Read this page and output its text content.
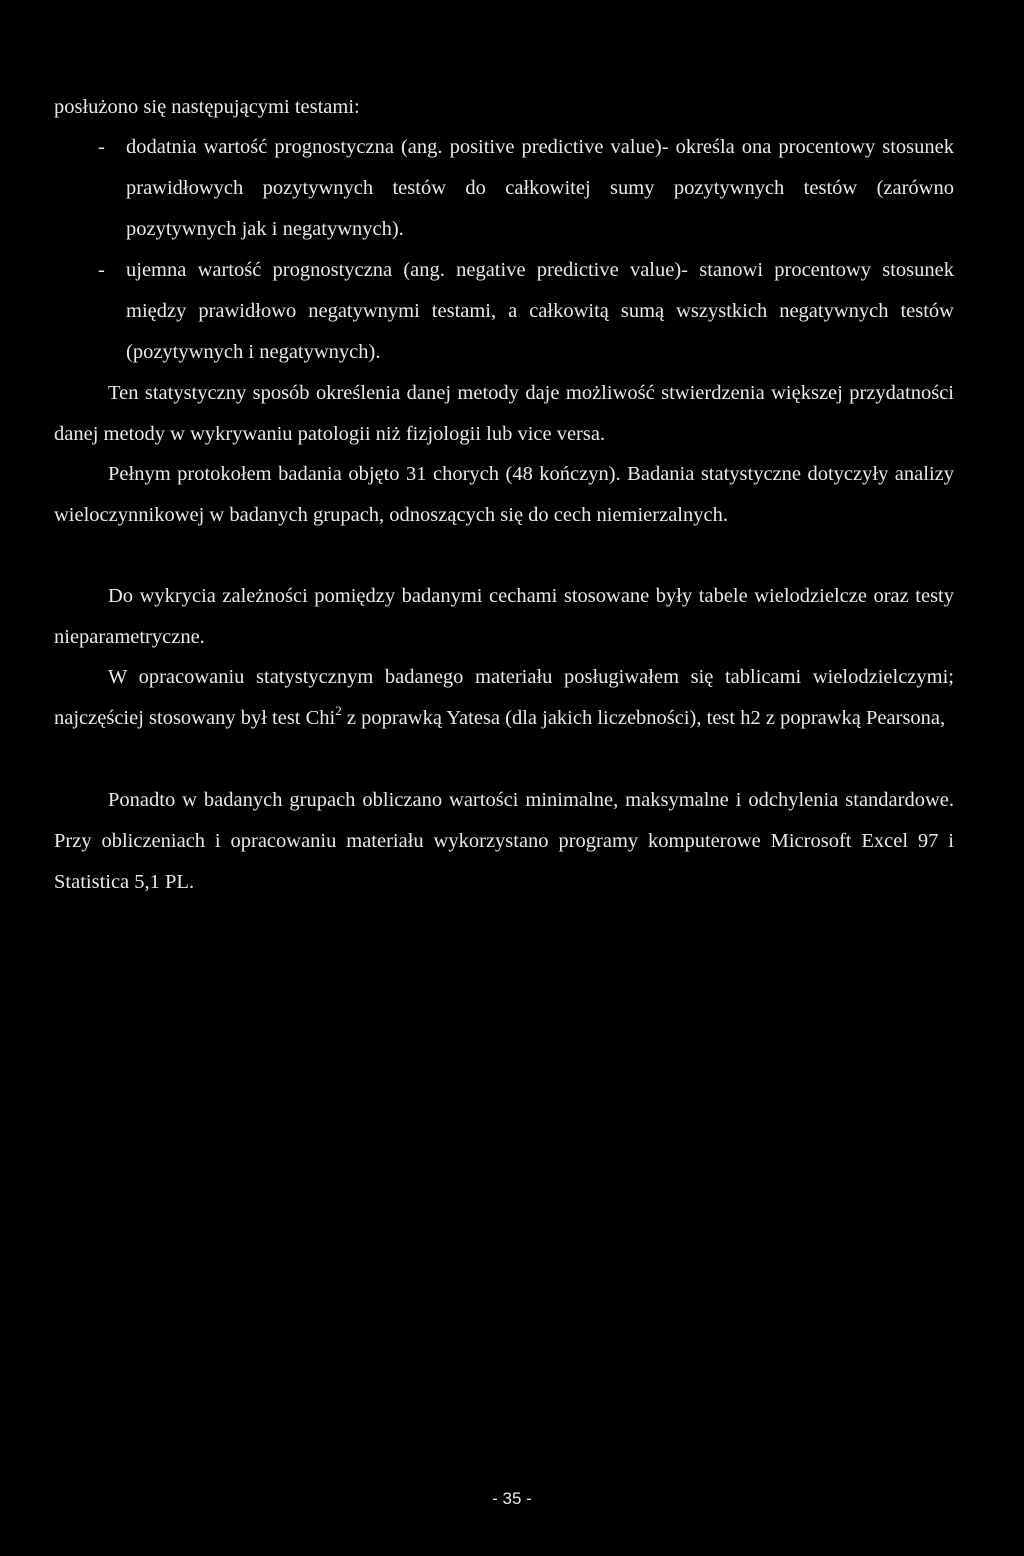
posłużono się następującymi testami:
- dodatnia wartość prognostyczna (ang. positive predictive value)- określa ona procentowy stosunek prawidłowych pozytywnych testów do całkowitej sumy pozytywnych testów (zarówno pozytywnych jak i negatywnych).
- ujemna wartość prognostyczna (ang. negative predictive value)- stanowi procentowy stosunek między prawidłowo negatywnymi testami, a całkowitą sumą wszystkich negatywnych testów (pozytywnych i negatywnych).

Ten statystyczny sposób określenia danej metody daje możliwość stwierdzenia większej przydatności danej metody w wykrywaniu patologii niż fizjologii lub vice versa.

Pełnym protokołem badania objęto 31 chorych (48 kończyn). Badania statystyczne dotyczyły analizy wieloczynnikowej w badanych grupach, odnoszących się do cech niemierzalnych.

Do wykrycia zależności pomiędzy badanymi cechami stosowane były tabele wielodzielcze oraz testy nieparametryczne.

W opracowaniu statystycznym badanego materiału posługiwałem się tablicami wielodzielczymi; najczęściej stosowany był test Chi$^2$ z poprawką Yatesa (dla jakich liczebności), test h2 z poprawką Pearsona,

Ponadto w badanych grupach obliczano wartości minimalne, maksymalne i odchylenia standardowe. Przy obliczeniach i opracowaniu materiału wykorzystano programy komputerowe Microsoft Excel 97 i Statistica 5,1 PL.

- 35 -
